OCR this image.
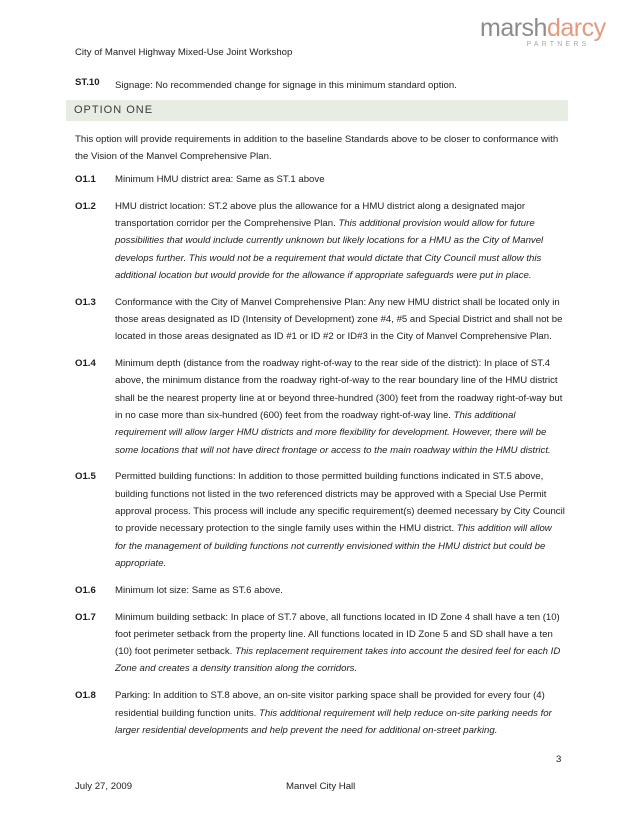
marshdarcy
PARTNERS
City of Manvel Highway Mixed-Use Joint Workshop
ST.10	Signage: No recommended change for signage in this minimum standard option.
OPTION ONE
This option will provide requirements in addition to the baseline Standards above to be closer to conformance with the Vision of the Manvel Comprehensive Plan.
O1.1	Minimum HMU district area: Same as ST.1 above
O1.2	HMU district location: ST.2 above plus the allowance for a HMU district along a designated major transportation corridor per the Comprehensive Plan. This additional provision would allow for future possibilities that would include currently unknown but likely locations for a HMU as the City of Manvel develops further. This would not be a requirement that would dictate that City Council must allow this additional location but would provide for the allowance if appropriate safeguards were put in place.
O1.3	Conformance with the City of Manvel Comprehensive Plan: Any new HMU district shall be located only in those areas designated as ID (Intensity of Development) zone #4, #5 and Special District and shall not be located in those areas designated as ID #1 or ID #2 or ID#3 in the City of Manvel Comprehensive Plan.
O1.4	Minimum depth (distance from the roadway right-of-way to the rear side of the district): In place of ST.4 above, the minimum distance from the roadway right-of-way to the rear boundary line of the HMU district shall be the nearest property line at or beyond three-hundred (300) feet from the roadway right-of-way but in no case more than six-hundred (600) feet from the roadway right-of-way line. This additional requirement will allow larger HMU districts and more flexibility for development. However, there will be some locations that will not have direct frontage or access to the main roadway within the HMU district.
O1.5	Permitted building functions: In addition to those permitted building functions indicated in ST.5 above, building functions not listed in the two referenced districts may be approved with a Special Use Permit approval process. This process will include any specific requirement(s) deemed necessary by City Council to provide necessary protection to the single family uses within the HMU district. This addition will allow for the management of building functions not currently envisioned within the HMU district but could be appropriate.
O1.6	Minimum lot size: Same as ST.6 above.
O1.7	Minimum building setback: In place of ST.7 above, all functions located in ID Zone 4 shall have a ten (10) foot perimeter setback from the property line. All functions located in ID Zone 5 and SD shall have a ten (10) foot perimeter setback. This replacement requirement takes into account the desired feel for each ID Zone and creates a density transition along the corridors.
O1.8	Parking: In addition to ST.8 above, an on-site visitor parking space shall be provided for every four (4) residential building function units. This additional requirement will help reduce on-site parking needs for larger residential developments and help prevent the need for additional on-street parking.
3
July 27, 2009	Manvel City Hall
